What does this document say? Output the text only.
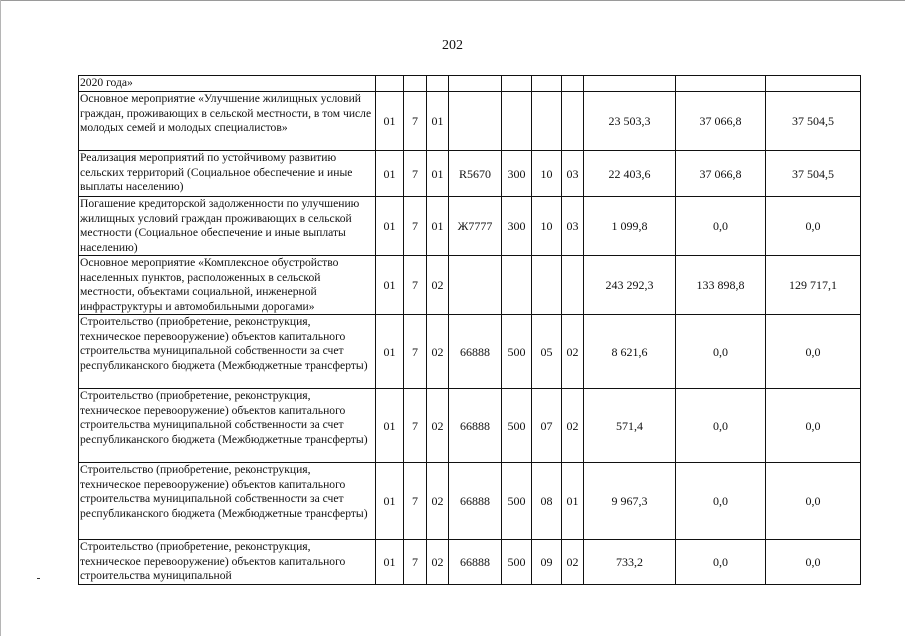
202
2020 года»										
Основное мероприятие «Улучшение жилищных условий граждан, проживающих в сельской местности, в том числе молодых семей и молодых специалистов»	01	7	01					23 503,3	37 066,8	37 504,5
Реализация мероприятий по устойчивому развитию сельских территорий (Социальное обеспечение и иные выплаты населению)	01	7	01	R5670	300	10	03	22 403,6	37 066,8	37 504,5
Погашение кредиторской задолженности по улучшению жилищных условий граждан проживающих в сельской местности (Социальное обеспечение и иные выплаты населению)	01	7	01	Ж7777	300	10	03	1 099,8	0,0	0,0
Основное мероприятие «Комплексное обустройство населенных пунктов, расположенных в сельской местности, объектами социальной, инженерной инфраструктуры и автомобильными дорогами»	01	7	02					243 292,3	133 898,8	129 717,1
Строительство (приобретение, реконструкция, техническое перевооружение) объектов капитального строительства муниципальной собственности за счет республиканского бюджета (Межбюджетные трансферты)	01	7	02	66888	500	05	02	8 621,6	0,0	0,0
Строительство (приобретение, реконструкция, техническое перевооружение) объектов капитального строительства муниципальной собственности за счет республиканского бюджета (Межбюджетные трансферты)	01	7	02	66888	500	07	02	571,4	0,0	0,0
Строительство (приобретение, реконструкция, техническое перевооружение) объектов капитального строительства муниципальной собственности за счет республиканского бюджета (Межбюджетные трансферты)	01	7	02	66888	500	08	01	9 967,3	0,0	0,0
Строительство (приобретение, реконструкция, техническое перевооружение) объектов капитального строительства муниципальной	01	7	02	66888	500	09	02	733,2	0,0	0,0
